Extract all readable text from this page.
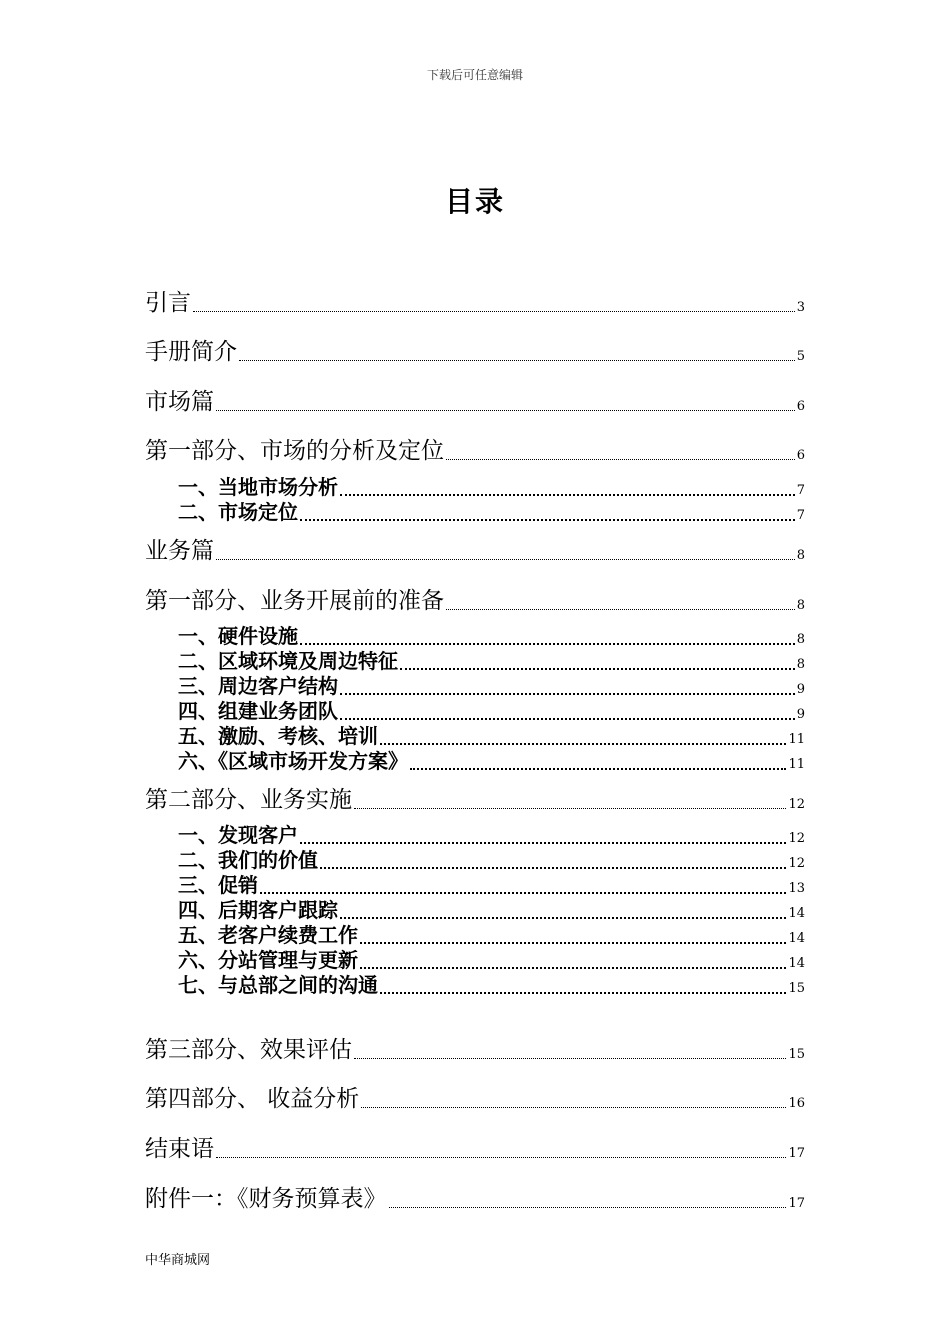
下载后可任意编辑
目录
引言	3
手册简介	5
市场篇	6
第一部分、市场的分析及定位	6
一、当地市场分析	7
二、市场定位	7
业务篇	8
第一部分、业务开展前的准备	8
一、硬件设施	8
二、区域环境及周边特征	8
三、周边客户结构	9
四、组建业务团队	9
五、激励、考核、培训	11
六、《区域市场开发方案》	11
第二部分、业务实施	12
一、发现客户	12
二、我们的价值	12
三、促销	13
四、后期客户跟踪	14
五、老客户续费工作	14
六、分站管理与更新	14
七、与总部之间的沟通	15
第三部分、效果评估	15
第四部分、 收益分析	16
结束语	17
附件一：《财务预算表》	17
中华商城网
